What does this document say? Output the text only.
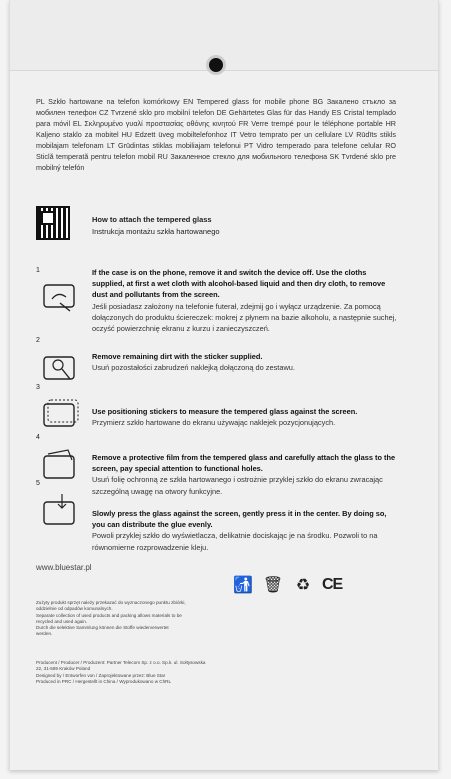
PL Szkło hartowane na telefon komórkowy EN Tempered glass for mobile phone BG Закалено стъкло за мобилен телефон CZ Tvrzené sklo pro mobilní telefon DE Gehärtetes Glas für das Handy ES Cristal templado para móvil EL Σκληρυμένο γυαλί προστασίας οθόνης κινητού FR Verre trempé pour le téléphone portable HR Kaljeno staklo za mobitel HU Edzett üveg mobiltelefonhoz IT Vetro temprato per un cellulare LV Rūdīts stikls mobilajam telefonam LT Grūdintas stiklas mobiliajam telefonui PT Vidro temperado para telefone celular RO Sticlă temperată pentru telefon mobil RU Закаленное стекло для мобильного телефона SK Tvrdené sklo pre mobilný telefón
How to attach the tempered glass
Instrukcja montażu szkła hartowanego
1	If the case is on the phone, remove it and switch the device off. Use the cloths supplied, at first a wet cloth with alcohol-based liquid and then dry cloth, to remove dust and pollutants from the screen.
Jeśli posiadasz założony na telefonie futerał, zdejmij go i wyłącz urządzenie. Za pomocą dołączonych do produktu ściereczek: mokrej z płynem na bazie alkoholu, a następnie suchej, oczyść powierzchnię ekranu z kurzu i zanieczyszczeń.
2
Remove remaining dirt with the sticker supplied.
Usuń pozostałości zabrudzeń naklejką dołączoną do zestawu.
3
Use positioning stickers to measure the tempered glass against the screen.
Przymierz szkło hartowane do ekranu używając naklejek pozycjonujących.
4
Remove a protective film from the tempered glass and carefully attach the glass to the screen, pay special attention to functional holes.
Usuń folię ochronną ze szkła hartowanego i ostrożnie przyklej szkło do ekranu zwracając szczególną uwagę na otwory funkcyjne.
5
Slowly press the glass against the screen, gently press it in the center. By doing so, you can distribute the glue evenly.
Powoli przyklej szkło do wyświetlacza, delikatnie dociskając je na środku. Pozwoli to na równomierne rozprowadzenie kleju.
www.bluestar.pl
🚮 🗑 ♻ CE
Zużyty produkt sprzęt należy przekazać do wyznaczonego punktu zbiórki, oddzielnie od odpadów komunalnych.
Separate collection of used products and packing allows materials to be recycled and used again.
Durch die selektive Sammlung können die Stoffe wiederverwertet werden.
Producent / Producer / Produzent: Partner Telecom Sp. z o.o. Sp.k. ul. Sołtysowska 22, 31-589 Kraków Poland
Designed by / Entworfen von / Zaprojektowane przez: Blue Star
Produced in PRC / Hergestellt in China / Wyprodukowano w ChRL
